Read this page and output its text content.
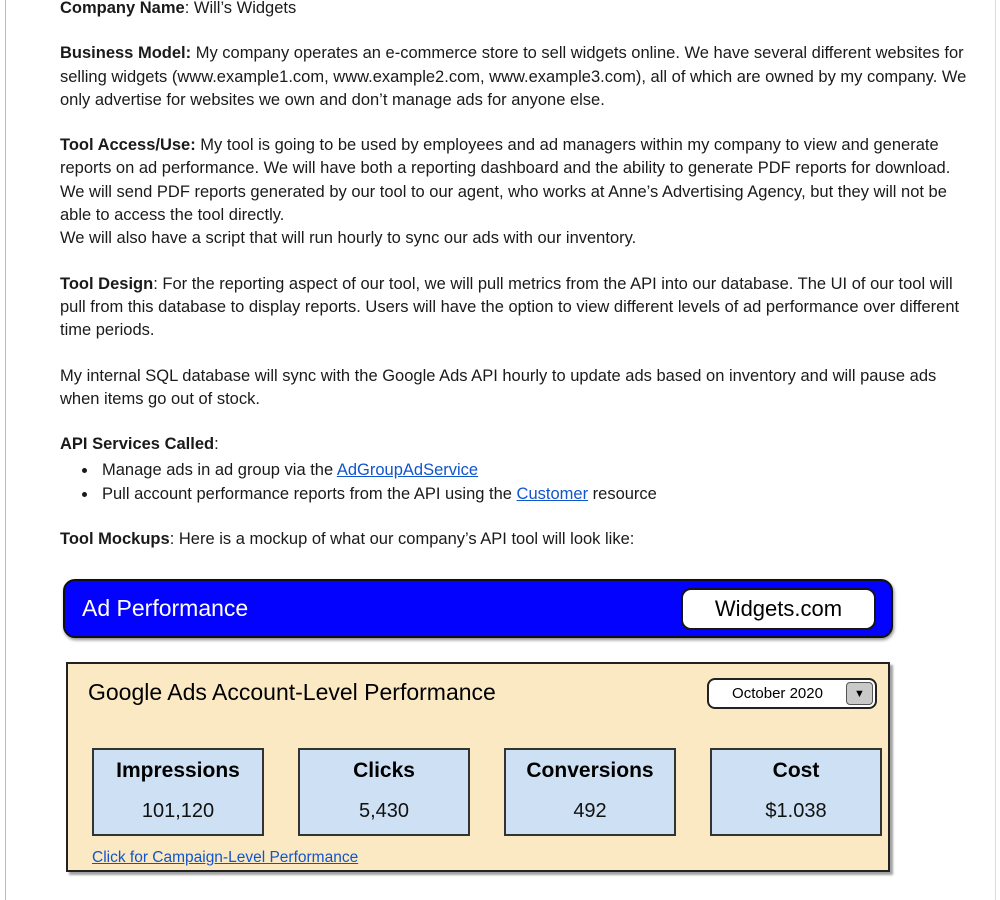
Company Name: Will’s Widgets

Business Model: My company operates an e-commerce store to sell widgets online. We have several different websites for selling widgets (www.example1.com, www.example2.com, www.example3.com), all of which are owned by my company. We only advertise for websites we own and don’t manage ads for anyone else.

Tool Access/Use: My tool is going to be used by employees and ad managers within my company to view and generate reports on ad performance. We will have both a reporting dashboard and the ability to generate PDF reports for download. We will send PDF reports generated by our tool to our agent, who works at Anne’s Advertising Agency, but they will not be able to access the tool directly.
We will also have a script that will run hourly to sync our ads with our inventory.

Tool Design: For the reporting aspect of our tool, we will pull metrics from the API into our database. The UI of our tool will pull from this database to display reports. Users will have the option to view different levels of ad performance over different time periods.

My internal SQL database will sync with the Google Ads API hourly to update ads based on inventory and will pause ads when items go out of stock.

API Services Called:

• Manage ads in ad group via the AdGroupAdService
• Pull account performance reports from the API using the Customer resource

Tool Mockups: Here is a mockup of what our company’s API tool will look like:

Ad Performance	Widgets.com
Google Ads Account-Level Performance	October 2020	▼
Impressions
101,120
Clicks
5,430
Conversions
492
Cost
$1.038
Click for Campaign-Level Performance
